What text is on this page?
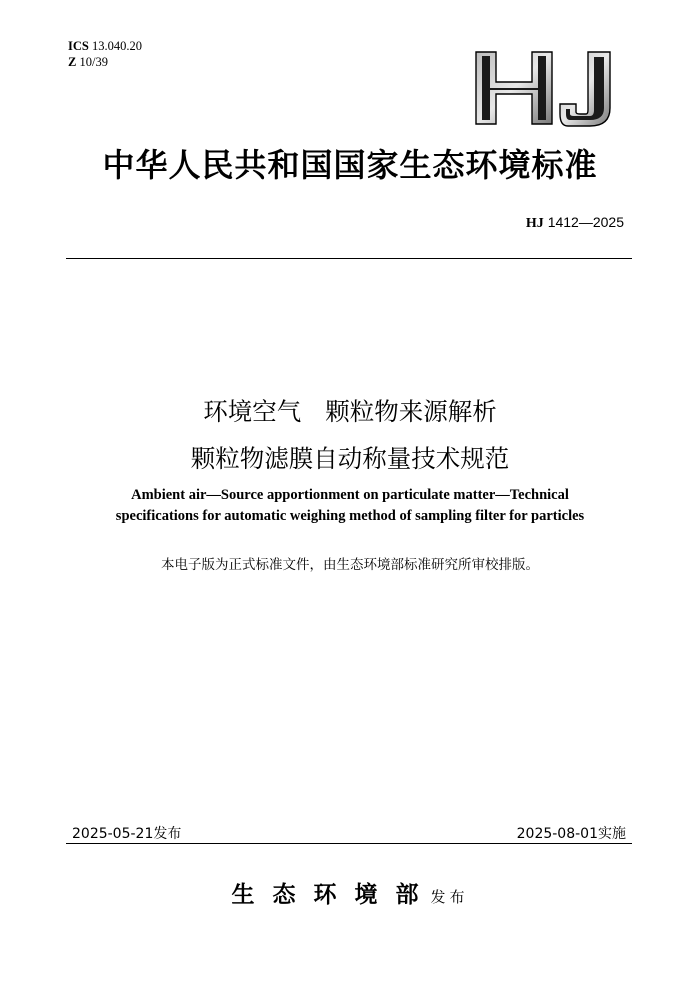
ICS 13.040.20
Z 10/39
中华人民共和国国家生态环境标准
HJ 1412—2025
环境空气 颗粒物来源解析
颗粒物滤膜自动称量技术规范
Ambient air—Source apportionment on particulate matter—Technical
specifications for automatic weighing method of sampling filter for particles
本电子版为正式标准文件，由生态环境部标准研究所审校排版。
2025-05-21发布	2025-08-01实施
生态环境部发布
